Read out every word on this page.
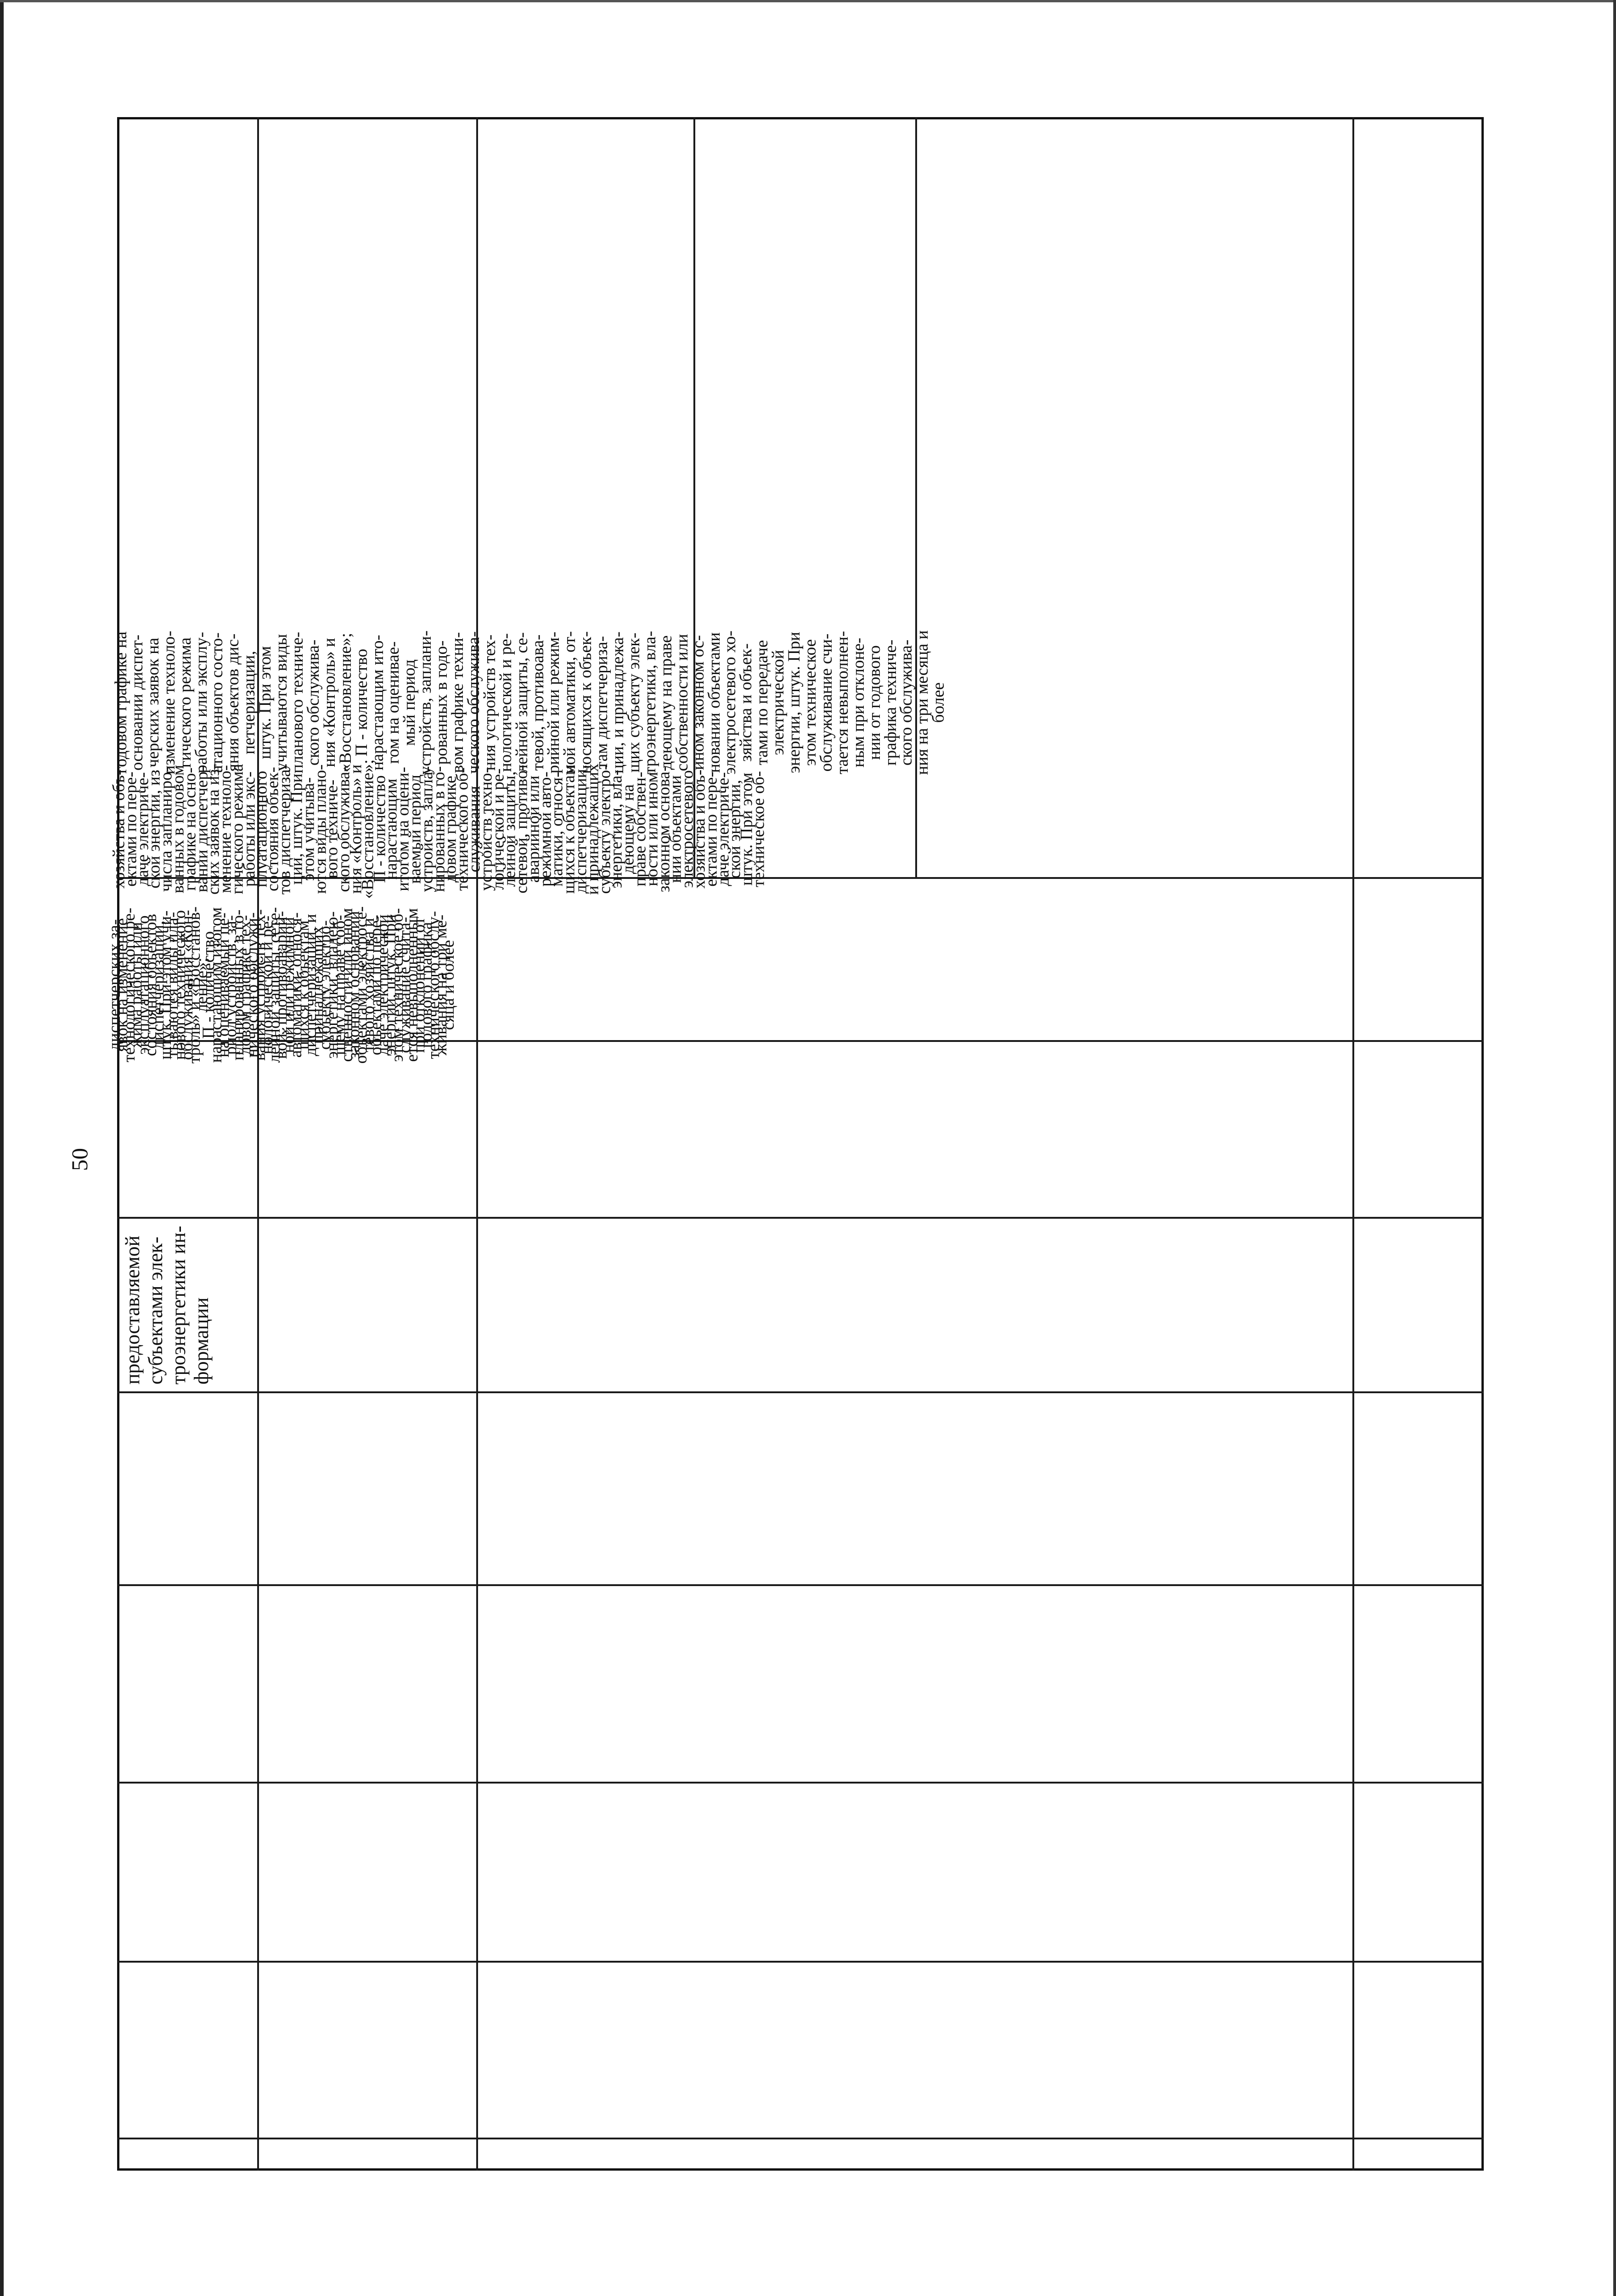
50
предоставляемой
субъектами элек-
троэнергетики ин-
формации
диспетчерских за-
явок на изменение
технологического ре-
жима работы или
эксплуатационного
состояния объектов
диспетчеризации,
штук. При этом учи-
тываются виды пла-
нового технического
обслуживания «Кон-
троль» и «Восстанов-
ление»;
П - количество
нарастающим итогом
на оцениваемый пе-
риод устройств, за-
планированных в го-
довом графике тех-
нического обслужи-
вания устройств тех-
нологической и ре-
лейной защиты, сете-
вой, противоаварий-
ной или режимной
автоматики, относя-
щихся к объектам
диспетчеризации, и
принадлежащих
субъекту электро-
энергетики, владею-
щему на праве соб-
ственности или ином
законном основании
объектами электросе-
тевого хозяйства и
объектами по пере-
даче электрической
энергии, штук. При
этом техническое об-
служивание счита-
ется невыполненным
при отклонении от
годового графика
технического обслу-
живания на три ме-
сяца и более
хозяйства и объ-
ектами по пере-
даче электриче-
ской энергии, из
числа запланиро-
ванных в годовом
графике на осно-
вании диспетчер-
ских заявок на из-
менение техноло-
гического режима
работы или экс-
плуатационного
состояния объек-
тов диспетчериза-
ции, штук. При
этом учитыва-
ются виды плано-
вого техниче-
ского обслужива-
ния «Контроль» и
«Восстановление»;
П - количество
нарастающим
итогом на оцени-
ваемый период
устройств, запла-
нированных в го-
довом графике
технического об-
служивания
устройств техно-
логической и ре-
лейной защиты,
сетевой, противо-
аварийной или
режимной авто-
матики, относя-
щихся к объектам
диспетчеризации,
и принадлежащих
субъекту электро-
энергетики, вла-
деющему на
праве собствен-
ности или ином
законном основа-
нии объектами
электросетевого
хозяйства и объ-
ектами по пере-
даче электриче-
ской энергии,
штук. При этом
техническое об-
годовом графике на
основании диспет-
черских заявок на
изменение техноло-
гического режима
работы или эксплу-
атационного состо-
яния объектов дис-
петчеризации,
штук. При этом
учитываются виды
планового техниче-
ского обслужива-
ния «Контроль» и
«Восстановление»;
П - количество
нарастающим ито-
гом на оценивае-
мый период
устройств, заплани-
рованных в годо-
вом графике техни-
ческого обслужива-
ния устройств тех-
нологической и ре-
лейной защиты, се-
тевой, противоава-
рийной или режим-
ной автоматики, от-
носящихся к объек-
там диспетчериза-
ции, и принадлежа-
щих субъекту элек-
троэнергетики, вла-
деющему на праве
собственности или
ином законном ос-
новании объектами
электросетевого хо-
зяйства и объек-
тами по передаче
электрической
энергии, штук. При
этом техническое
обслуживание счи-
тается невыполнен-
ным при отклоне-
нии от годового
графика техниче-
ского обслужива-
ния на три месяца и
более
